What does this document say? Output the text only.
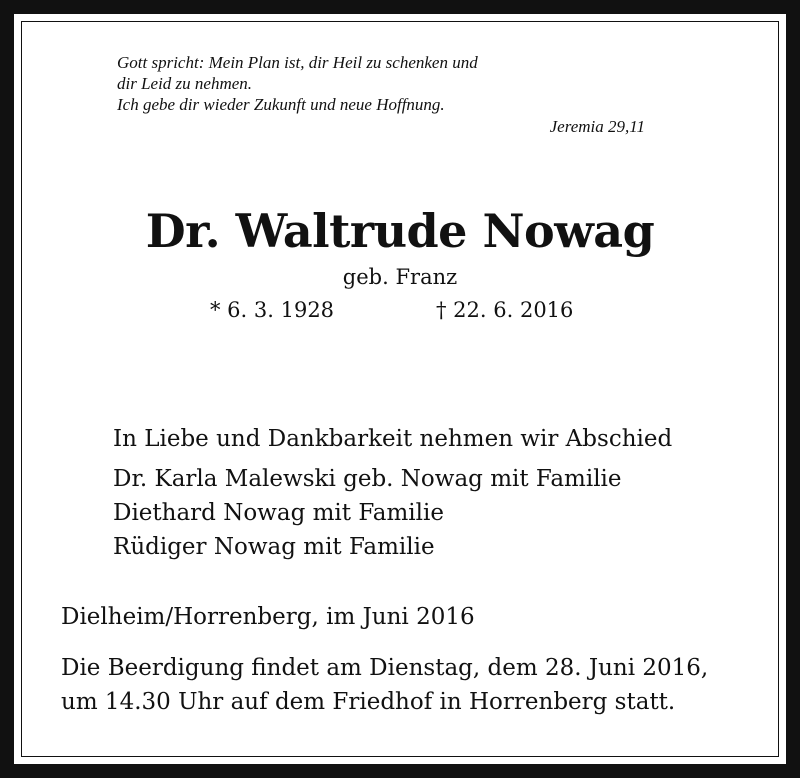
Gott spricht: Mein Plan ist, dir Heil zu schenken und
dir Leid zu nehmen.
Ich gebe dir wieder Zukunft und neue Hoffnung.
Jeremia 29,11
Dr. Waltrude Nowag
geb. Franz
* 6. 3. 1928	† 22. 6. 2016
In Liebe und Dankbarkeit nehmen wir Abschied
Dr. Karla Malewski geb. Nowag mit Familie
Diethard Nowag mit Familie
Rüdiger Nowag mit Familie
Dielheim/Horrenberg, im Juni 2016
Die Beerdigung findet am Dienstag, dem 28. Juni 2016,
um 14.30 Uhr auf dem Friedhof in Horrenberg statt.
